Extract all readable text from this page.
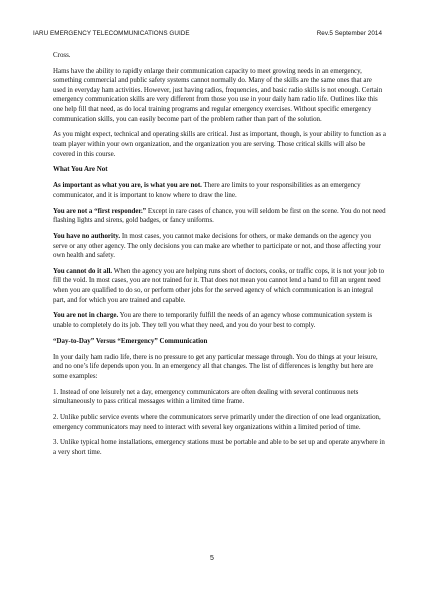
IARU EMERGENCY TELECOMMUNICATIONS GUIDE	Rev.5 September 2014

Cross.

Hams have the ability to rapidly enlarge their communication capacity to meet growing needs in an emergency, something commercial and public safety systems cannot normally do. Many of the skills are the same ones that are used in everyday ham activities. However, just having radios, frequencies, and basic radio skills is not enough. Certain emergency communication skills are very different from those you use in your daily ham radio life. Outlines like this one help fill that need, as do local training programs and regular emergency exercises. Without specific emergency communication skills, you can easily become part of the problem rather than part of the solution.

As you might expect, technical and operating skills are critical. Just as important, though, is your ability to function as a team player within your own organization, and the organization you are serving. Those critical skills will also be covered in this course.

What You Are Not

As important as what you are, is what you are not. There are limits to your responsibilities as an emergency communicator, and it is important to know where to draw the line.

You are not a “first responder.” Except in rare cases of chance, you will seldom be first on the scene. You do not need flashing lights and sirens, gold badges, or fancy uniforms.

You have no authority. In most cases, you cannot make decisions for others, or make demands on the agency you serve or any other agency. The only decisions you can make are whether to participate or not, and those affecting your own health and safety.

You cannot do it all. When the agency you are helping runs short of doctors, cooks, or traffic cops, it is not your job to fill the void. In most cases, you are not trained for it. That does not mean you cannot lend a hand to fill an urgent need when you are qualified to do so, or perform other jobs for the served agency of which communication is an integral part, and for which you are trained and capable.

You are not in charge. You are there to temporarily fulfill the needs of an agency whose communication system is unable to completely do its job. They tell you what they need, and you do your best to comply.

“Day-to-Day” Versus “Emergency” Communication

In your daily ham radio life, there is no pressure to get any particular message through. You do things at your leisure, and no one’s life depends upon you. In an emergency all that changes. The list of differences is lengthy but here are some examples:

1. Instead of one leisurely net a day, emergency communicators are often dealing with several continuous nets simultaneously to pass critical messages within a limited time frame.

2. Unlike public service events where the communicators serve primarily under the direction of one lead organization, emergency communicators may need to interact with several key organizations within a limited period of time.

3. Unlike typical home installations, emergency stations must be portable and able to be set up and operate anywhere in a very short time.

5
